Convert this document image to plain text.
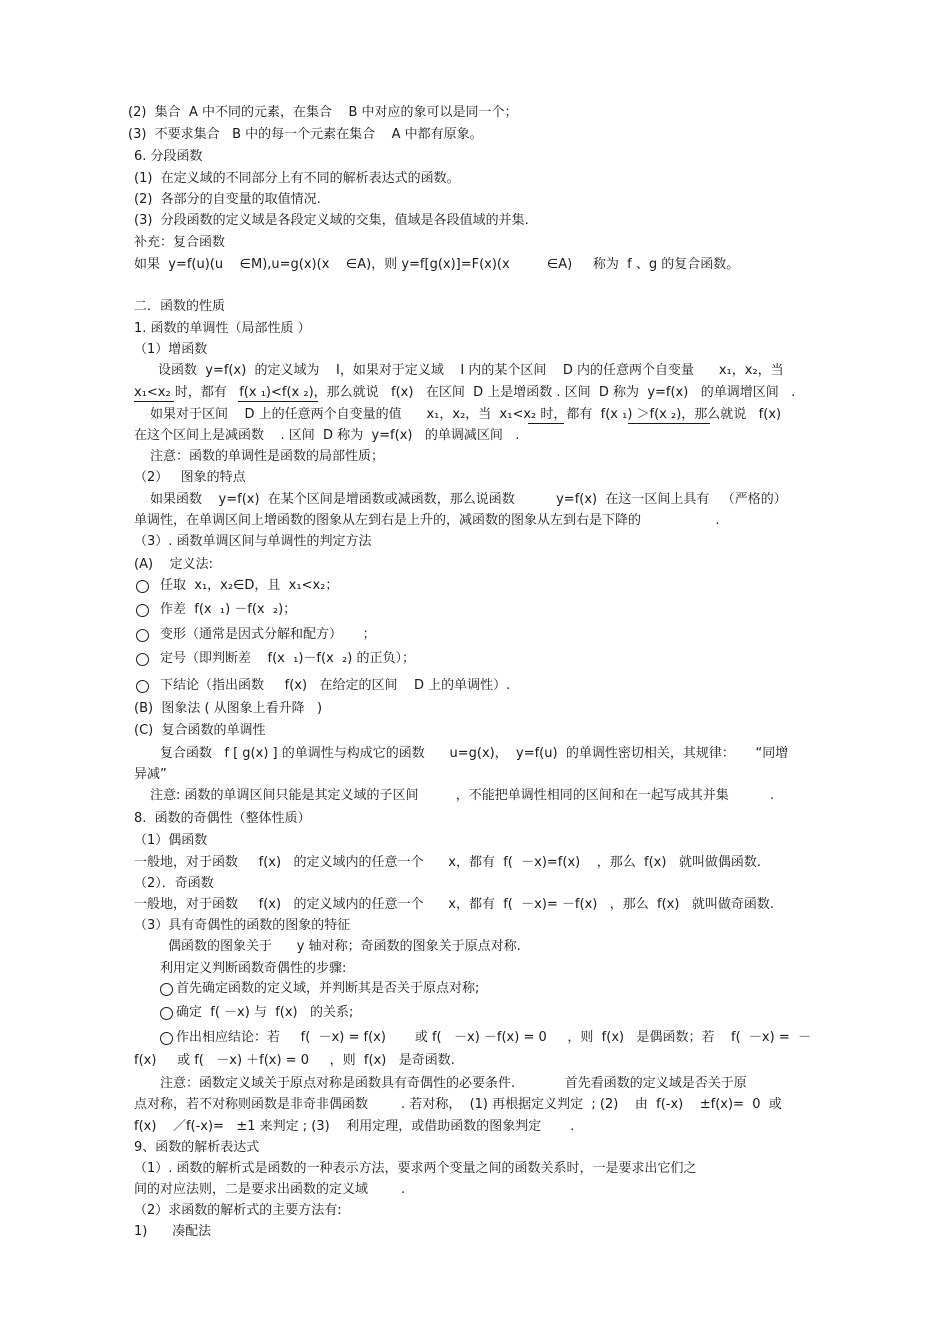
(2)  集合  A 中不同的元素，在集合    B 中对应的象可以是同一个；
(3)  不要求集合   B 中的每一个元素在集合    A 中都有原象。
6. 分段函数
(1)  在定义域的不同部分上有不同的解析表达式的函数。
(2)  各部分的自变量的取值情况.
(3)  分段函数的定义域是各段定义域的交集，值域是各段值域的并集.
补充：复合函数
如果  y=f(u)(u    ∈M),u=g(x)(x    ∈A)，则 y=f[g(x)]=F(x)(x         ∈A)     称为  f 、g 的复合函数。
二．函数的性质
1. 函数的单调性（局部性质 ）
（1）增函数
设函数  y=f(x)  的定义域为    I，如果对于定义域    I 内的某个区间    D 内的任意两个自变量      x₁，x₂，当
x₁<x₂ 时，都有   f(x ₁)<f(x ₂)，那么就说   f(x)   在区间  D 上是增函数 . 区间  D 称为  y=f(x)   的单调增区间   .
如果对于区间    D 上的任意两个自变量的值      x₁，x₂，当  x₁<x₂ 时，都有  f(x ₁) ＞f(x ₂)，那么就说   f(x)
在这个区间上是减函数    . 区间  D 称为  y=f(x)   的单调减区间   .
注意：函数的单调性是函数的局部性质；
（2）   图象的特点
如果函数    y=f(x)  在某个区间是增函数或减函数，那么说函数          y=f(x)  在这一区间上具有   （严格的）
单调性，在单调区间上增函数的图象从左到右是上升的，减函数的图象从左到右是下降的                  .
（3）. 函数单调区间与单调性的判定方法
(A)    定义法:
任取  x₁，x₂∈D，且  x₁<x₂；
作差  f(x  ₁) －f(x  ₂)；
变形（通常是因式分解和配方）     ；
定号（即判断差    f(x  ₁)－f(x  ₂) 的正负）；
下结论（指出函数     f(x)   在给定的区间    D 上的单调性）.
(B)  图象法 ( 从图象上看升降   )
(C)  复合函数的单调性
复合函数   f [ g(x) ] 的单调性与构成它的函数      u=g(x)，  y=f(u)  的单调性密切相关，其规律：     “同增
异减”
注意: 函数的单调区间只能是其定义域的子区间         ，不能把单调性相同的区间和在一起写成其并集          .
8.  函数的奇偶性（整体性质）
（1）偶函数
一般地，对于函数     f(x)   的定义域内的任意一个      x，都有  f(  －x)=f(x)    ，那么  f(x)   就叫做偶函数.
（2）．奇函数
一般地，对于函数     f(x)   的定义域内的任意一个      x，都有  f(  －x)= －f(x)   ，那么  f(x)   就叫做奇函数.
（3）具有奇偶性的函数的图象的特征
偶函数的图象关于      y 轴对称；奇函数的图象关于原点对称.
利用定义判断函数奇偶性的步骤:
首先确定函数的定义域，并判断其是否关于原点对称;
确定  f( －x) 与  f(x)   的关系;
作出相应结论：若     f(  －x) = f(x)       或 f(   －x) －f(x) = 0     ，则  f(x)   是偶函数；若    f(  －x) =  －
f(x)     或 f(   －x) ＋f(x) = 0     ，则  f(x)   是奇函数.
注意：函数定义域关于原点对称是函数具有奇偶性的必要条件.            首先看函数的定义域是否关于原
点对称，若不对称则函数是非奇非偶函数        . 若对称，  (1) 再根据定义判定  ; (2)    由  f(-x)    ±f(x)=  0  或
f(x)    ／f(-x)=   ±1 来判定 ; (3)    利用定理，或借助函数的图象判定       .
9、函数的解析表达式
（1）. 函数的解析式是函数的一种表示方法，要求两个变量之间的函数关系时，一是要求出它们之
间的对应法则，二是要求出函数的定义域        .
（2）求函数的解析式的主要方法有:
1)      凑配法
